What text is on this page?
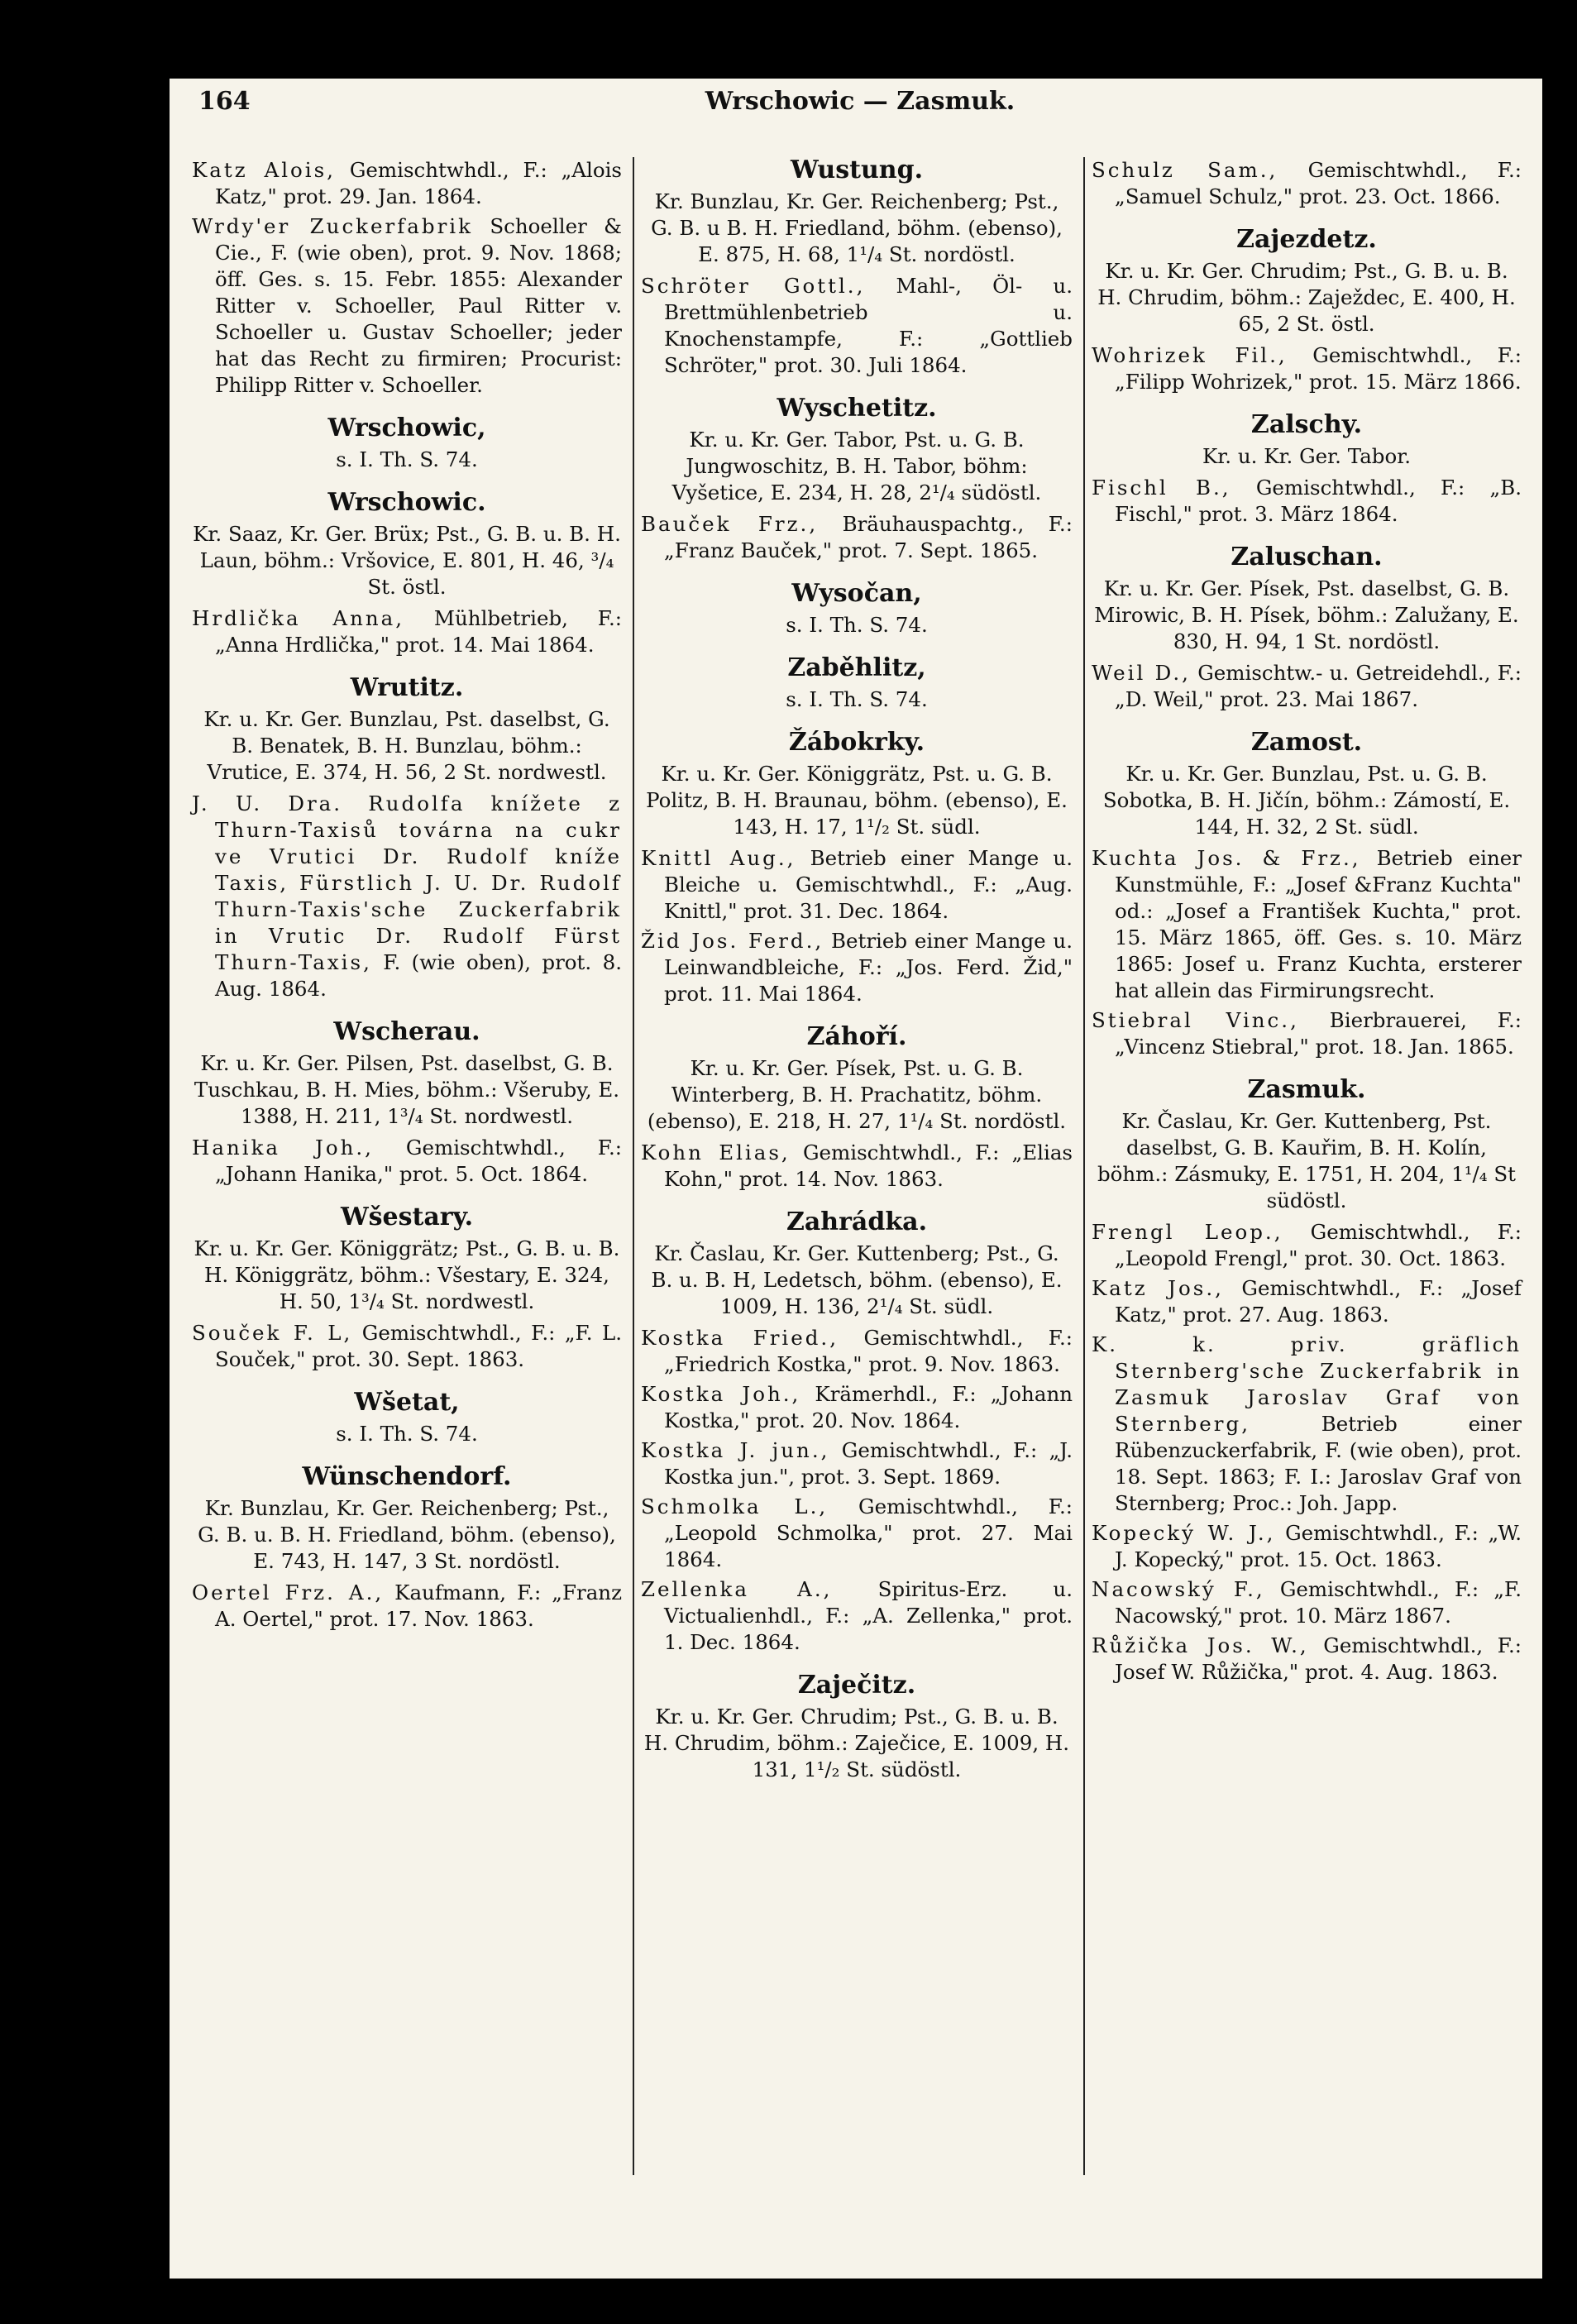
164	Wrschowic — Zasmuk.
Katz Alois, Gemischtwhdl., F.: „Alois Katz," prot. 29. Jan. 1864.
Wrdy'er Zuckerfabrik Schoeller & Cie., F. (wie oben), prot. 9. Nov. 1868; öff. Ges. s. 15. Febr. 1855: Alexander Ritter v. Schoeller, Paul Ritter v. Schoeller u. Gustav Schoeller; jeder hat das Recht zu firmiren; Procurist: Philipp Ritter v. Schoeller.
Wrschowic,
s. I. Th. S. 74.
Wrschowic.
Kr. Saaz, Kr. Ger. Brüx; Pst., G. B. u. B. H. Laun, böhm.: Vršovice, E. 801, H. 46, ³/₄ St. östl.
Hrdlička Anna, Mühlbetrieb, F.: „Anna Hrdlička," prot. 14. Mai 1864.
Wrutitz.
Kr. u. Kr. Ger. Bunzlau, Pst. daselbst, G. B. Benatek, B. H. Bunzlau, böhm.: Vrutice, E. 374, H. 56, 2 St. nordwestl.
J. U. Dra. Rudolfa knížete z Thurn-Taxisů továrna na cukr ve Vrutici Dr. Rudolf kníže Taxis, Fürstlich J. U. Dr. Rudolf Thurn-Taxis'sche Zuckerfabrik in Vrutic Dr. Rudolf Fürst Thurn-Taxis, F. (wie oben), prot. 8. Aug. 1864.
Wscherau.
Kr. u. Kr. Ger. Pilsen, Pst. daselbst, G. B. Tuschkau, B. H. Mies, böhm.: Všeruby, E. 1388, H. 211, 1³/₄ St. nordwestl.
Hanika Joh., Gemischtwhdl., F.: „Johann Hanika," prot. 5. Oct. 1864.
Wšestary.
Kr. u. Kr. Ger. Königgrätz; Pst., G. B. u. B. H. Königgrätz, böhm.: Všestary, E. 324, H. 50, 1³/₄ St. nordwestl.
Souček F. L, Gemischtwhdl., F.: „F. L. Souček," prot. 30. Sept. 1863.
Wšetat,
s. I. Th. S. 74.
Wünschendorf.
Kr. Bunzlau, Kr. Ger. Reichenberg; Pst., G. B. u. B. H. Friedland, böhm. (ebenso), E. 743, H. 147, 3 St. nordöstl.
Oertel Frz. A., Kaufmann, F.: „Franz A. Oertel," prot. 17. Nov. 1863.
Wustung.
Kr. Bunzlau, Kr. Ger. Reichenberg; Pst., G. B. u B. H. Friedland, böhm. (ebenso), E. 875, H. 68, 1¹/₄ St. nordöstl.
Schröter Gottl., Mahl-, Öl- u. Brettmühlenbetrieb u. Knochenstampfe, F.: „Gottlieb Schröter," prot. 30. Juli 1864.
Wyschetitz.
Kr. u. Kr. Ger. Tabor, Pst. u. G. B. Jungwoschitz, B. H. Tabor, böhm: Vyšetice, E. 234, H. 28, 2¹/₄ südöstl.
Bauček Frz., Bräuhauspachtg., F.: „Franz Bauček," prot. 7. Sept. 1865.
Wysočan,
s. I. Th. S. 74.
Zaběhlitz,
s. I. Th. S. 74.
Žábokrky.
Kr. u. Kr. Ger. Königgrätz, Pst. u. G. B. Politz, B. H. Braunau, böhm. (ebenso), E. 143, H. 17, 1¹/₂ St. südl.
Knittl Aug., Betrieb einer Mange u. Bleiche u. Gemischtwhdl., F.: „Aug. Knittl," prot. 31. Dec. 1864.
Žid Jos. Ferd., Betrieb einer Mange u. Leinwandbleiche, F.: „Jos. Ferd. Žid," prot. 11. Mai 1864.
Záhoří.
Kr. u. Kr. Ger. Písek, Pst. u. G. B. Winterberg, B. H. Prachatitz, böhm. (ebenso), E. 218, H. 27, 1¹/₄ St. nordöstl.
Kohn Elias, Gemischtwhdl., F.: „Elias Kohn," prot. 14. Nov. 1863.
Zahrádka.
Kr. Časlau, Kr. Ger. Kuttenberg; Pst., G. B. u. B. H, Ledetsch, böhm. (ebenso), E. 1009, H. 136, 2¹/₄ St. südl.
Kostka Fried., Gemischtwhdl., F.: „Friedrich Kostka," prot. 9. Nov. 1863.
Kostka Joh., Krämerhdl., F.: „Johann Kostka," prot. 20. Nov. 1864.
Kostka J. jun., Gemischtwhdl., F.: „J. Kostka jun.", prot. 3. Sept. 1869.
Schmolka L., Gemischtwhdl., F.: „Leopold Schmolka," prot. 27. Mai 1864.
Zellenka A., Spiritus-Erz. u. Victualienhdl., F.: „A. Zellenka," prot. 1. Dec. 1864.
Zaječitz.
Kr. u. Kr. Ger. Chrudim; Pst., G. B. u. B. H. Chrudim, böhm.: Zaječice, E. 1009, H. 131, 1¹/₂ St. südöstl.
Schulz Sam., Gemischtwhdl., F.: „Samuel Schulz," prot. 23. Oct. 1866.
Zajezdetz.
Kr. u. Kr. Ger. Chrudim; Pst., G. B. u. B. H. Chrudim, böhm.: Zaježdec, E. 400, H. 65, 2 St. östl.
Wohrizek Fil., Gemischtwhdl., F.: „Filipp Wohrizek," prot. 15. März 1866.
Zalschy.
Kr. u. Kr. Ger. Tabor.
Fischl B., Gemischtwhdl., F.: „B. Fischl," prot. 3. März 1864.
Zaluschan.
Kr. u. Kr. Ger. Písek, Pst. daselbst, G. B. Mirowic, B. H. Písek, böhm.: Zalužany, E. 830, H. 94, 1 St. nordöstl.
Weil D., Gemischtw.- u. Getreidehdl., F.: „D. Weil," prot. 23. Mai 1867.
Zamost.
Kr. u. Kr. Ger. Bunzlau, Pst. u. G. B. Sobotka, B. H. Jičín, böhm.: Zámostí, E. 144, H. 32, 2 St. südl.
Kuchta Jos. & Frz., Betrieb einer Kunstmühle, F.: „Josef &Franz Kuchta" od.: „Josef a František Kuchta," prot. 15. März 1865, öff. Ges. s. 10. März 1865: Josef u. Franz Kuchta, ersterer hat allein das Firmirungsrecht.
Stiebral Vinc., Bierbrauerei, F.: „Vincenz Stiebral," prot. 18. Jan. 1865.
Zasmuk.
Kr. Časlau, Kr. Ger. Kuttenberg, Pst. daselbst, G. B. Kauřim, B. H. Kolín, böhm.: Zásmuky, E. 1751, H. 204, 1¹/₄ St südöstl.
Frengl Leop., Gemischtwhdl., F.: „Leopold Frengl," prot. 30. Oct. 1863.
Katz Jos., Gemischtwhdl., F.: „Josef Katz," prot. 27. Aug. 1863.
K. k. priv. gräflich Sternberg'sche Zuckerfabrik in Zasmuk Jaroslav Graf von Sternberg, Betrieb einer Rübenzuckerfabrik, F. (wie oben), prot. 18. Sept. 1863; F. I.: Jaroslav Graf von Sternberg; Proc.: Joh. Japp.
Kopecký W. J., Gemischtwhdl., F.: „W. J. Kopecký," prot. 15. Oct. 1863.
Nacowský F., Gemischtwhdl., F.: „F. Nacowský," prot. 10. März 1867.
Růžička Jos. W., Gemischtwhdl., F.: Josef W. Růžička," prot. 4. Aug. 1863.
